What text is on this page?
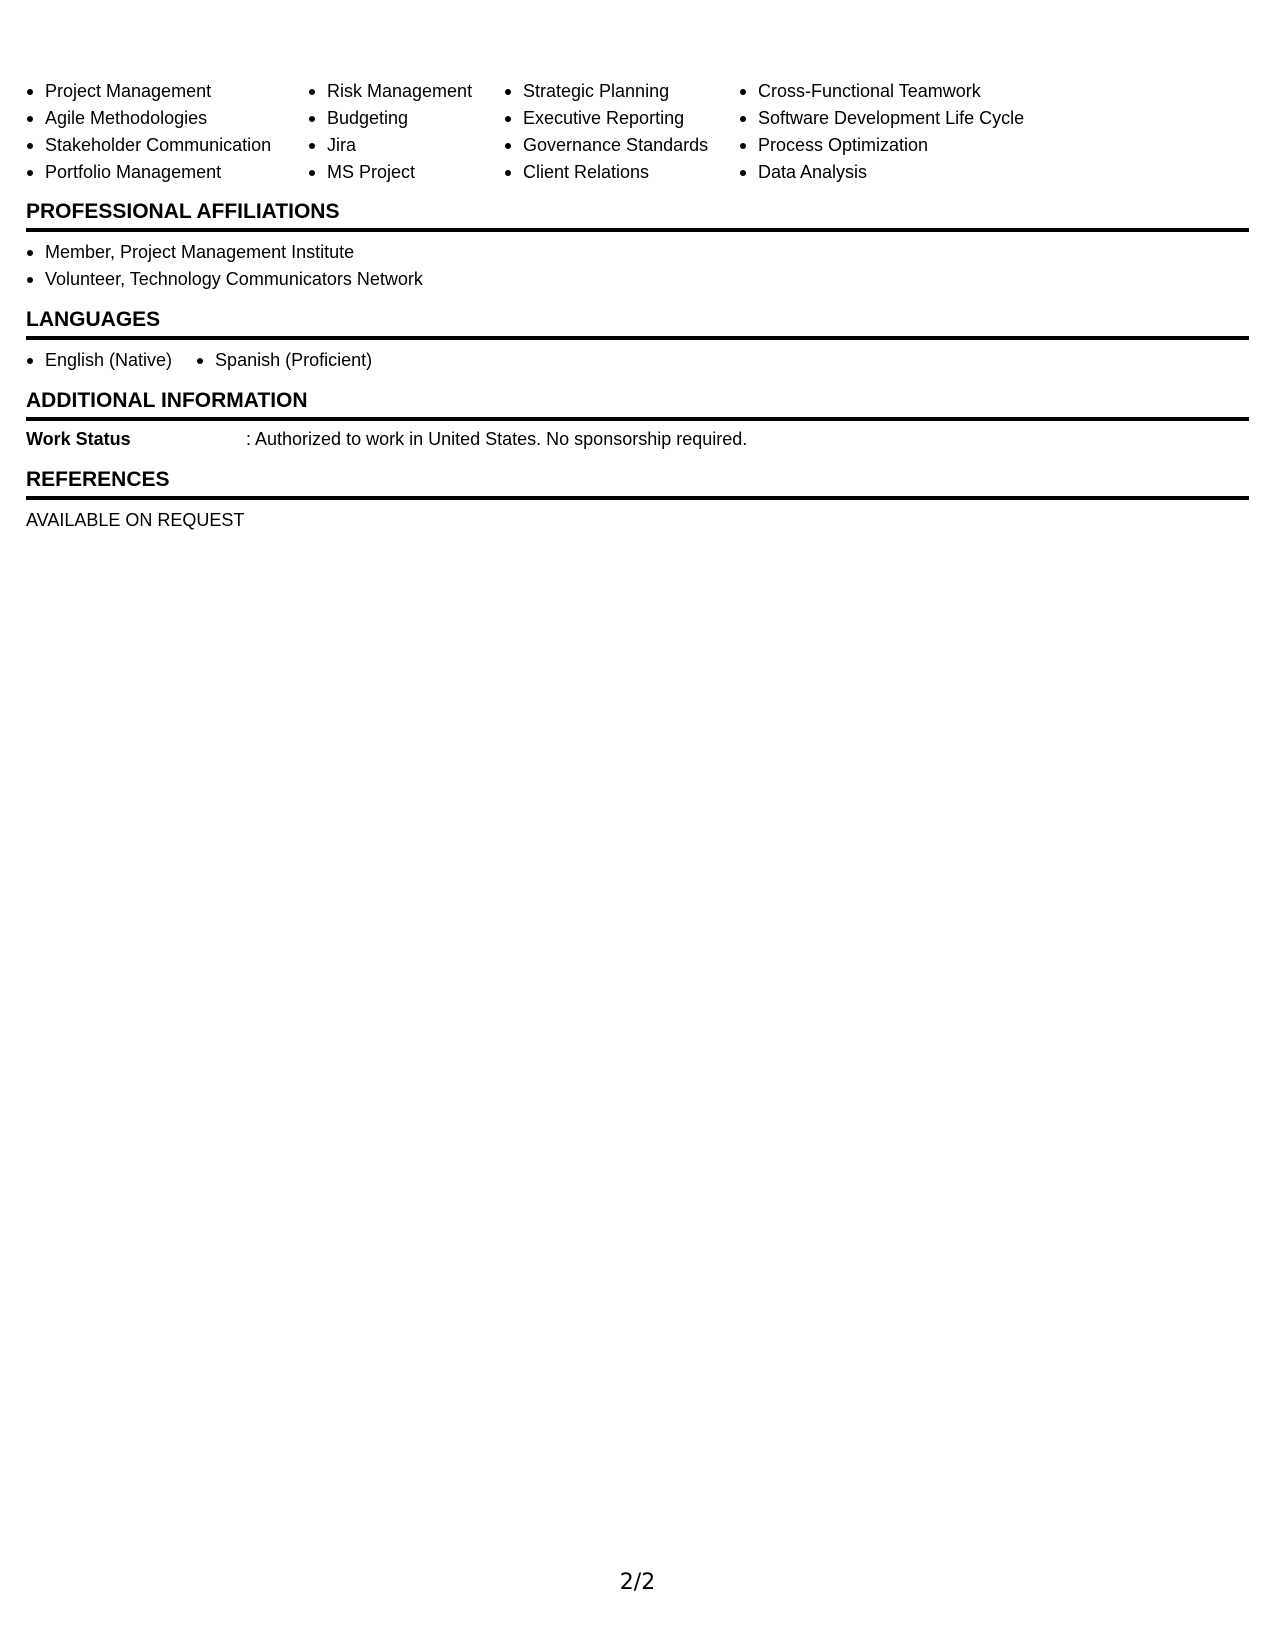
Project Management
Agile Methodologies
Stakeholder Communication
Portfolio Management
Risk Management
Budgeting
Jira
MS Project
Strategic Planning
Executive Reporting
Governance Standards
Client Relations
Cross-Functional Teamwork
Software Development Life Cycle
Process Optimization
Data Analysis
PROFESSIONAL AFFILIATIONS
Member, Project Management Institute
Volunteer, Technology Communicators Network
LANGUAGES
English (Native)	Spanish (Proficient)
ADDITIONAL INFORMATION
Work Status	: Authorized to work in United States. No sponsorship required.
REFERENCES
AVAILABLE ON REQUEST
2/2
